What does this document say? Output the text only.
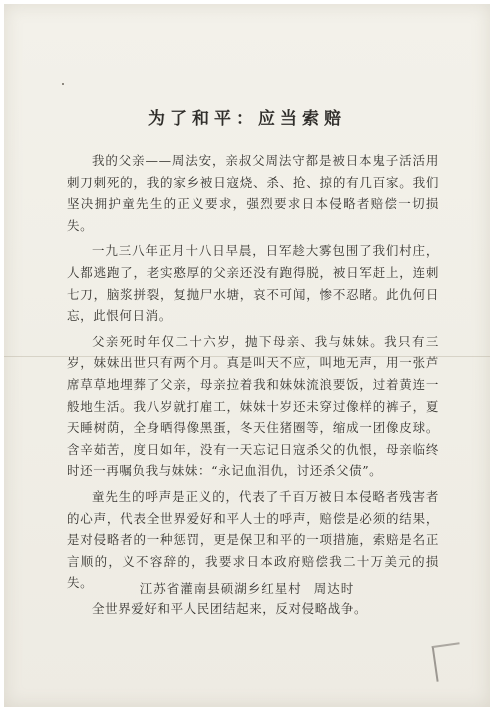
为了和平：应当索赔

我的父亲——周法安，亲叔父周法守都是被日本鬼子活活用刺刀刺死的，我的家乡被日寇烧、杀、抢、掠的有几百家。我们坚决拥护童先生的正义要求，强烈要求日本侵略者赔偿一切损失。

一九三八年正月十八日早晨，日军趁大雾包围了我们村庄，人都逃跑了，老实憨厚的父亲还没有跑得脱，被日军赶上，连刺七刀，脑浆拼裂，复抛尸水塘，哀不可闻，惨不忍睹。此仇何日忘，此恨何日消。

父亲死时年仅二十六岁，抛下母亲、我与妹妹。我只有三岁，妹妹出世只有两个月。真是叫天不应，叫地无声，用一张芦席草草地埋葬了父亲，母亲拉着我和妹妹流浪要饭，过着黄连一般地生活。我八岁就打雇工，妹妹十岁还未穿过像样的裤子，夏天睡树荫，全身晒得像黑蛋，冬天住猪圈等，缩成一团像皮球。含辛茹苦，度日如年，没有一天忘记日寇杀父的仇恨，母亲临终时还一再嘱负我与妹妹：“永记血泪仇，讨还杀父债”。

童先生的呼声是正义的，代表了千百万被日本侵略者残害者的心声，代表全世界爱好和平人士的呼声，赔偿是必须的结果，是对侵略者的一种惩罚，更是保卫和平的一项措施，索赔是名正言顺的，义不容辞的，我要求日本政府赔偿我二十万美元的损失。

全世界爱好和平人民团结起来，反对侵略战争。

江苏省灌南县硕湖乡红星村 周达时
